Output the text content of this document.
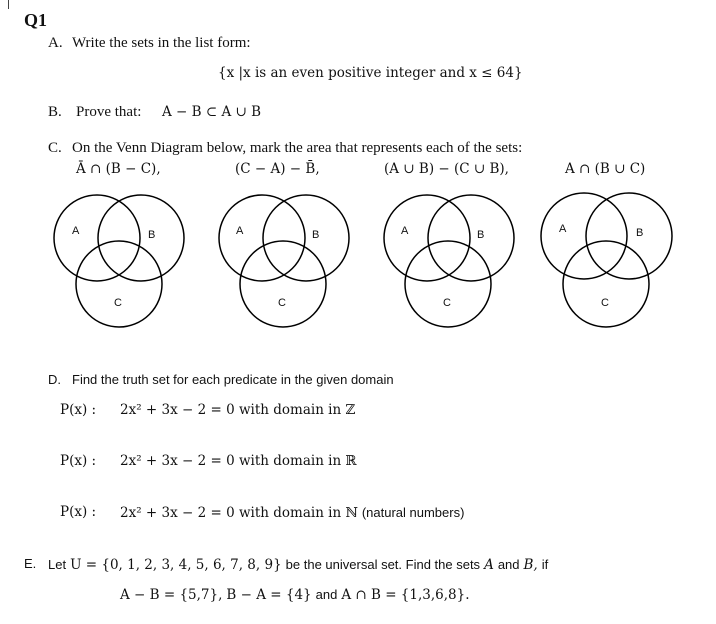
Q1
A. Write the sets in the list form:
{x |x is an even positive integer and x ≤ 64}
B. Prove that: A − B ⊂ A ∪ B
C. On the Venn Diagram below, mark the area that represents each of the sets:
Ā ∩ (B − C),	(C − A) − B̄,	(A ∪ B) − (C ∪ B),	A ∩ (B ∪ C)
A	B
C
A	B
C
A	B
C
A	B
C
D. Find the truth set for each predicate in the given domain
P(x) : 2x² + 3x − 2 = 0 with domain in ℤ
P(x) : 2x² + 3x − 2 = 0 with domain in ℝ
P(x) : 2x² + 3x − 2 = 0 with domain in ℕ (natural numbers)
E. Let U = {0, 1, 2, 3, 4, 5, 6, 7, 8, 9} be the universal set. Find the sets A and B, if
A − B = {5,7}, B − A = {4} and A ∩ B = {1,3,6,8}.
